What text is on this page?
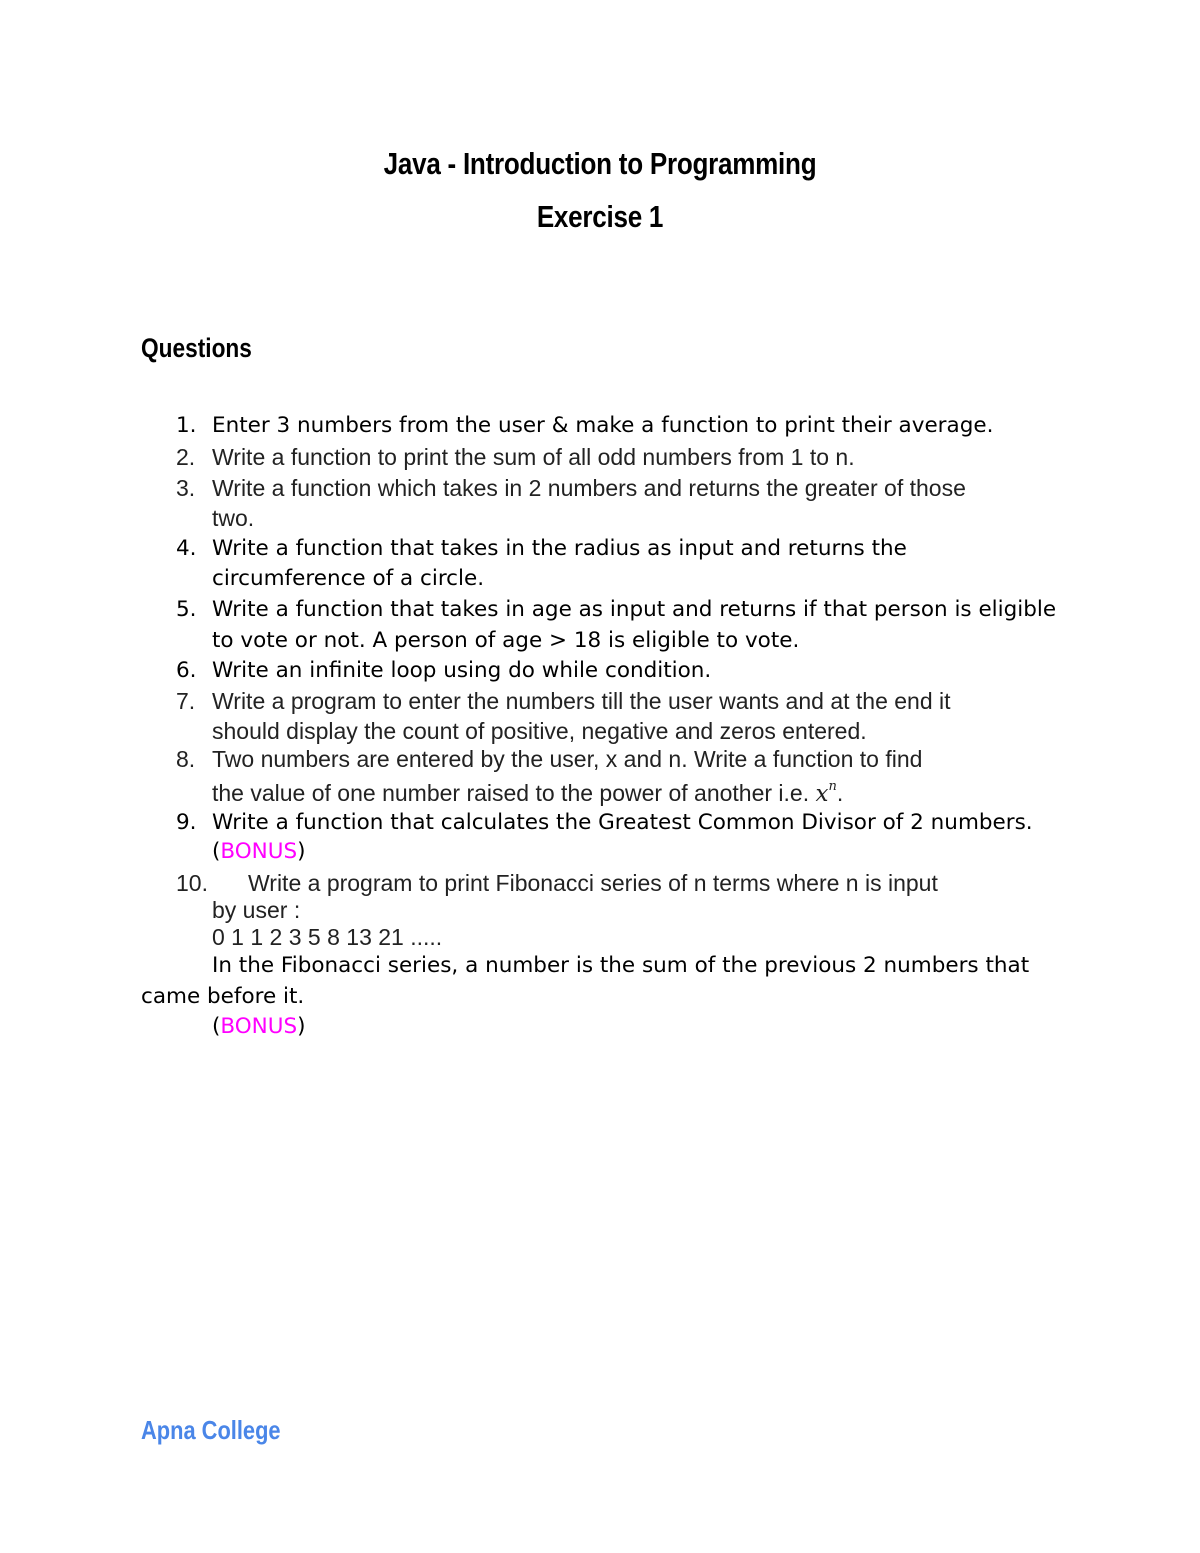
Java - Introduction to Programming
Exercise 1
Questions
1. Enter 3 numbers from the user & make a function to print their average.
2. Write a function to print the sum of all odd numbers from 1 to n.
3. Write a function which takes in 2 numbers and returns the greater of those
two.
4. Write a function that takes in the radius as input and returns the
circumference of a circle.
5. Write a function that takes in age as input and returns if that person is eligible
to vote or not. A person of age > 18 is eligible to vote.
6. Write an infinite loop using do while condition.
7. Write a program to enter the numbers till the user wants and at the end it
should display the count of positive, negative and zeros entered.
8. Two numbers are entered by the user, x and n. Write a function to find
the value of one number raised to the power of another i.e. $x^n$.
9. Write a function that calculates the Greatest Common Divisor of 2 numbers.
(BONUS)
10. Write a program to print Fibonacci series of n terms where n is input
by user :
0 1 1 2 3 5 8 13 21 .....
In the Fibonacci series, a number is the sum of the previous 2 numbers that
came before it.
(BONUS)
Apna College
